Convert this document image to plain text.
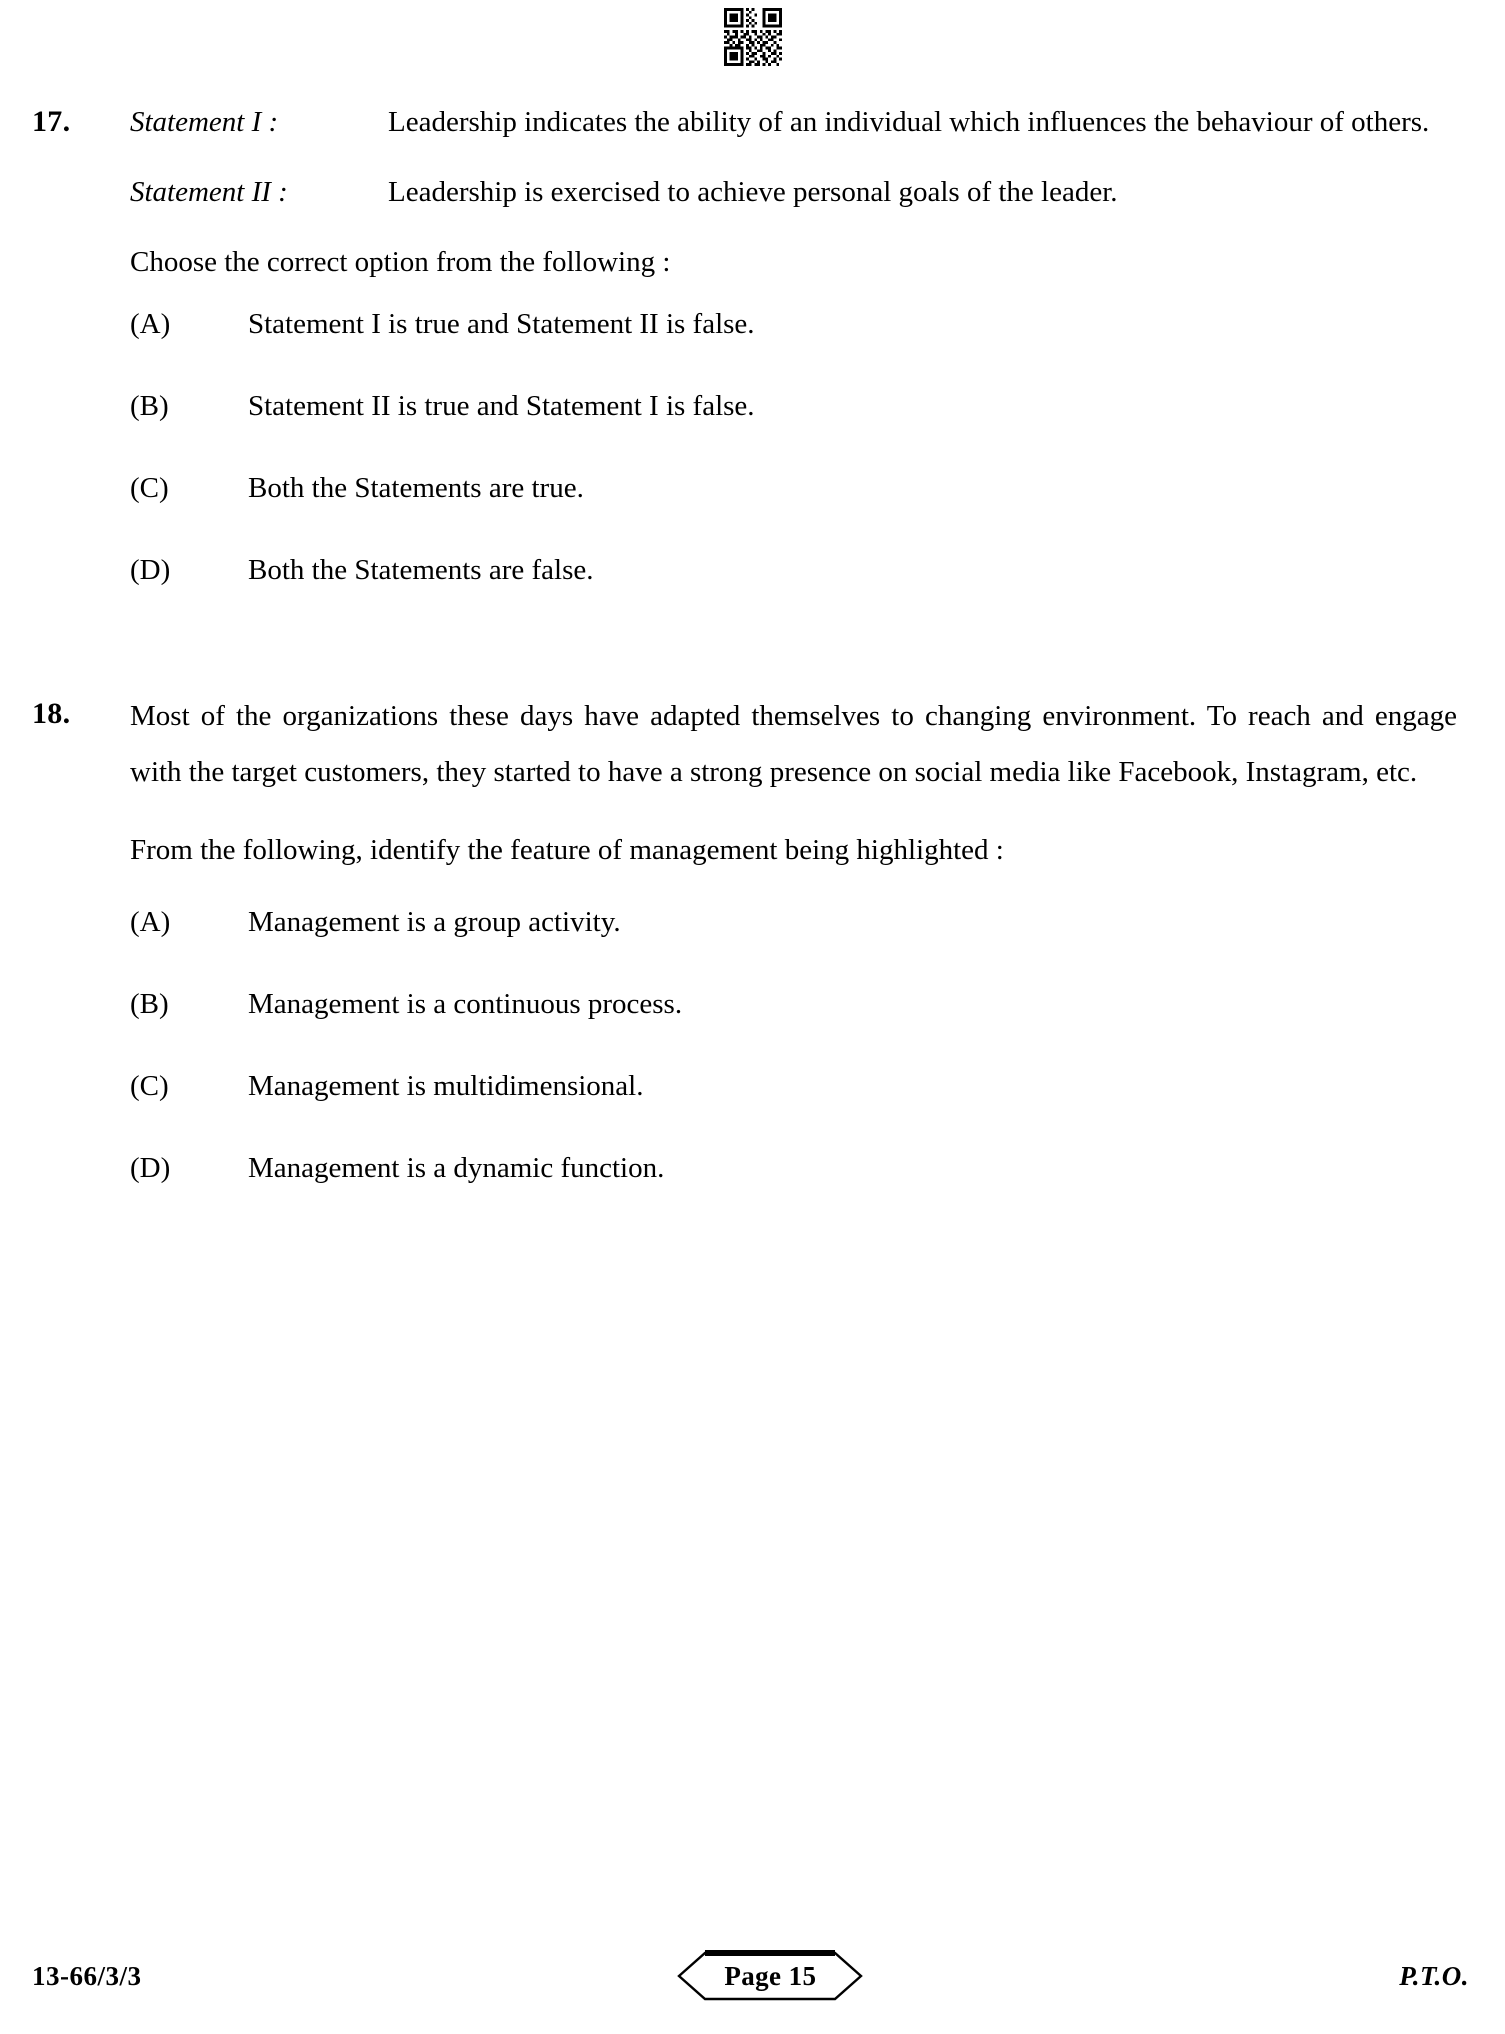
17.	Statement I :	Leadership indicates the ability of an individual which influences the behaviour of others.
Statement II :	Leadership is exercised to achieve personal goals of the leader.
Choose the correct option from the following :
(A)	Statement I is true and Statement II is false.
(B)	Statement II is true and Statement I is false.
(C)	Both the Statements are true.
(D)	Both the Statements are false.
18.	Most of the organizations these days have adapted themselves to changing environment. To reach and engage with the target customers, they started to have a strong presence on social media like Facebook, Instagram, etc.
From the following, identify the feature of management being highlighted :
(A)	Management is a group activity.
(B)	Management is a continuous process.
(C)	Management is multidimensional.
(D)	Management is a dynamic function.
13-66/3/3	Page 15	P.T.O.
